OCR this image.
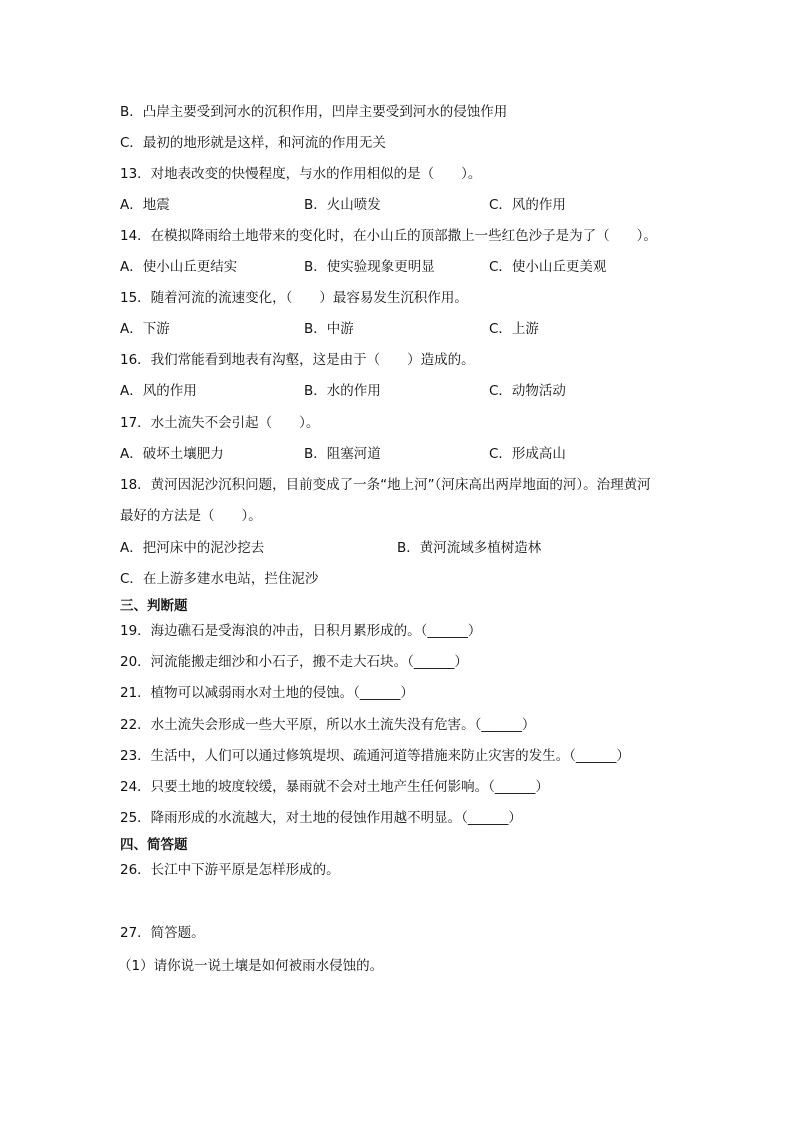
B．凸岸主要受到河水的沉积作用，凹岸主要受到河水的侵蚀作用
C．最初的地形就是这样，和河流的作用无关
13．对地表改变的快慢程度，与水的作用相似的是（　　）。
A．地震	B．火山喷发	C．风的作用
14．在模拟降雨给土地带来的变化时，在小山丘的顶部撒上一些红色沙子是为了（　　）。
A．使小山丘更结实	B．使实验现象更明显	C．使小山丘更美观
15．随着河流的流速变化，（　　）最容易发生沉积作用。
A．下游	B．中游	C．上游
16．我们常能看到地表有沟壑，这是由于（　　）造成的。
A．风的作用	B．水的作用	C．动物活动
17．水土流失不会引起（　　）。
A．破坏土壤肥力	B．阻塞河道	C．形成高山
18．黄河因泥沙沉积问题，目前变成了一条“地上河”（河床高出两岸地面的河）。治理黄河
最好的方法是（　　）。
A．把河床中的泥沙挖去	B．黄河流域多植树造林
C．在上游多建水电站，拦住泥沙
三、判断题
19．海边礁石是受海浪的冲击，日积月累形成的。（______）
20．河流能搬走细沙和小石子，搬不走大石块。（______）
21．植物可以减弱雨水对土地的侵蚀。（______）
22．水土流失会形成一些大平原，所以水土流失没有危害。（______）
23．生活中，人们可以通过修筑堤坝、疏通河道等措施来防止灾害的发生。（______）
24．只要土地的坡度较缓，暴雨就不会对土地产生任何影响。（______）
25．降雨形成的水流越大，对土地的侵蚀作用越不明显。（______）
四、简答题
26．长江中下游平原是怎样形成的。
27．简答题。
（1）请你说一说土壤是如何被雨水侵蚀的。
